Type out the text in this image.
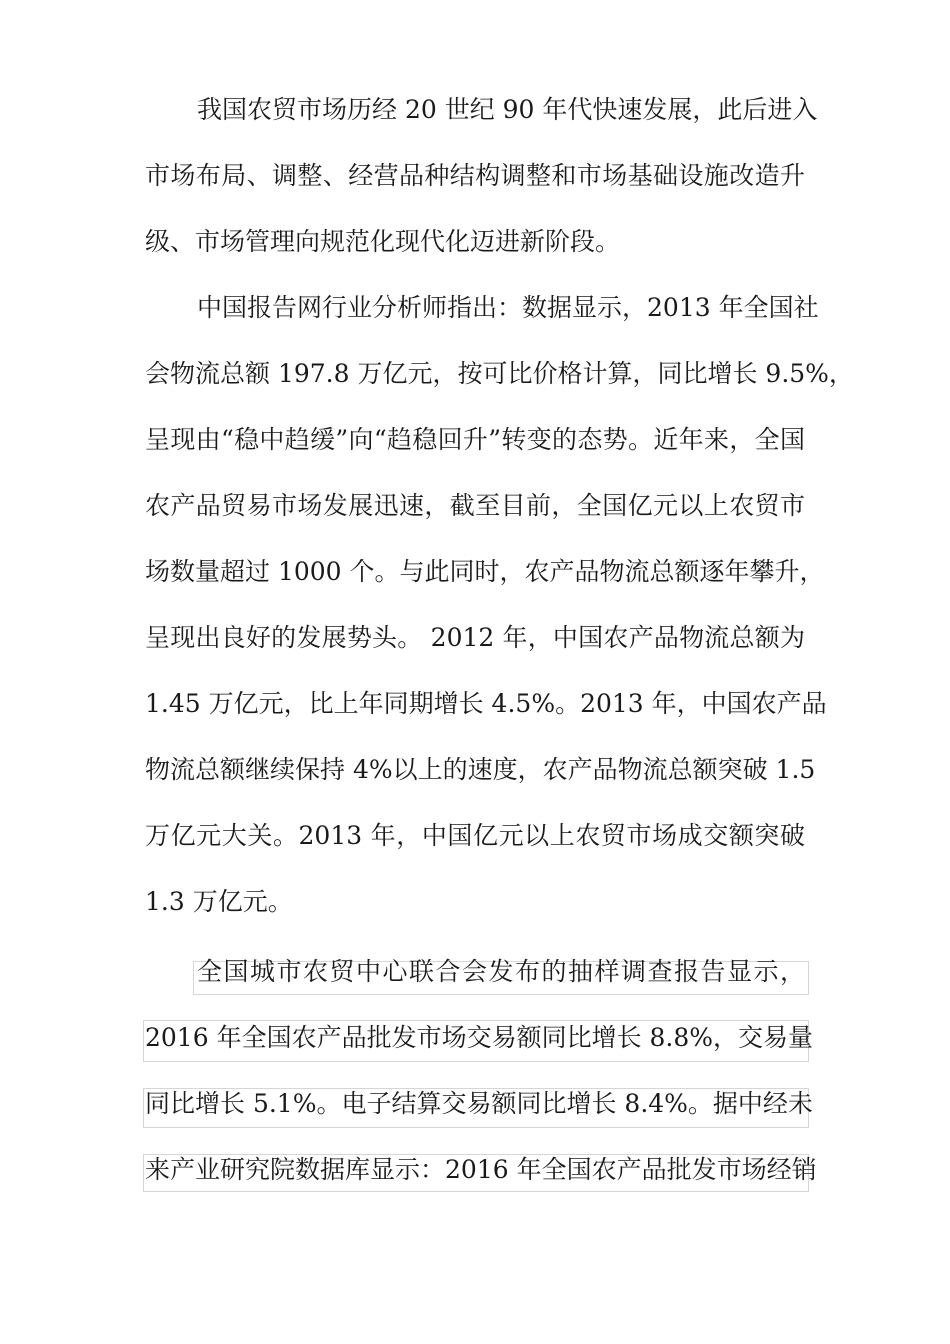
我国农贸市场历经 20 世纪 90 年代快速发展，此后进入
市场布局、调整、经营品种结构调整和市场基础设施改造升
级、市场管理向规范化现代化迈进新阶段。
中国报告网行业分析师指出：数据显示，2013 年全国社
会物流总额 197.8 万亿元，按可比价格计算，同比增长 9.5%，
呈现由“稳中趋缓”向“趋稳回升”转变的态势。近年来，全国
农产品贸易市场发展迅速，截至目前，全国亿元以上农贸市
场数量超过 1000 个。与此同时，农产品物流总额逐年攀升，
呈现出良好的发展势头。 2012 年，中国农产品物流总额为
1.45 万亿元，比上年同期增长 4.5%。2013 年，中国农产品
物流总额继续保持 4%以上的速度，农产品物流总额突破 1.5
万亿元大关。2013 年，中国亿元以上农贸市场成交额突破
1.3 万亿元。
全国城市农贸中心联合会发布的抽样调查报告显示，
2016 年全国农产品批发市场交易额同比增长 8.8%，交易量
同比增长 5.1%。电子结算交易额同比增长 8.4%。据中经未
来产业研究院数据库显示：2016 年全国农产品批发市场经销
